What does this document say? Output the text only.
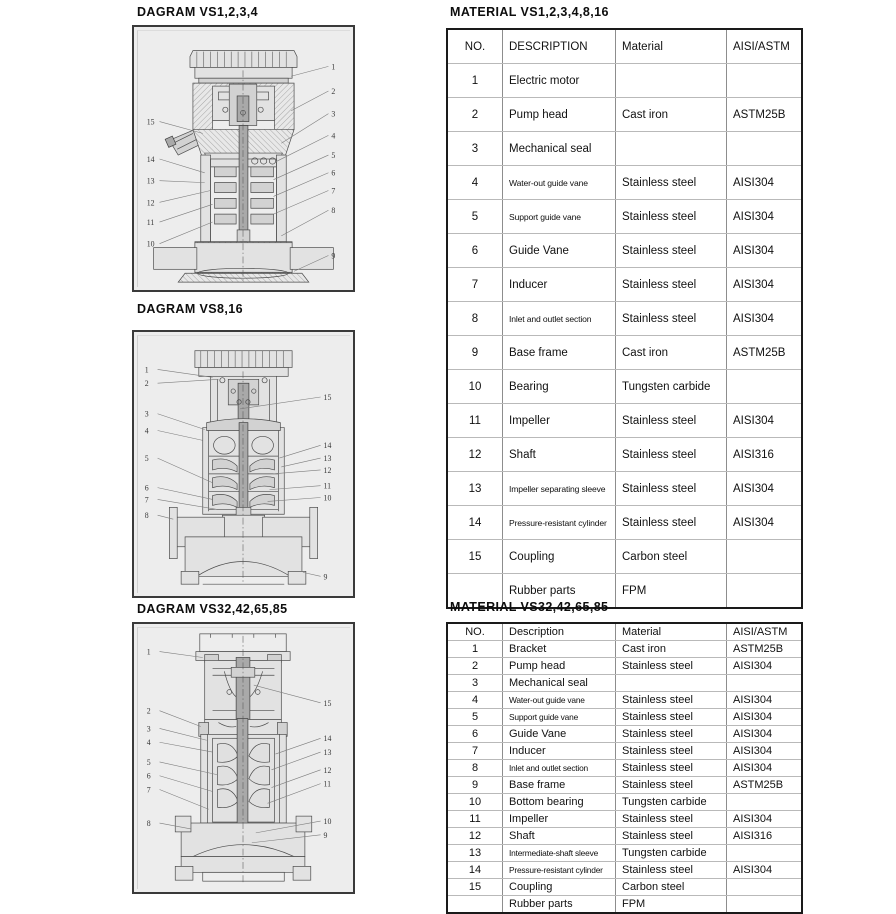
DAGRAM VS1,2,3,4
1
2
3
4
5
6
7
8
9
15
14
13
12
11
10
DAGRAM VS8,16
1
2
3
4
5
6
7
8
15
14
13
12
11
10
9
DAGRAM VS32,42,65,85
1
2
3
4
5
6
7
8
15
14
13
12
11
10
9
MATERIAL VS1,2,3,4,8,16
NO.	DESCRIPTION	Material	AISI/ASTM
1	Electric motor		
2	Pump head	Cast iron	ASTM25B
3	Mechanical seal		
4	Water-out guide vane	Stainless steel	AISI304
5	Support guide vane	Stainless steel	AISI304
6	Guide Vane	Stainless steel	AISI304
7	Inducer	Stainless steel	AISI304
8	Inlet and outlet section	Stainless steel	AISI304
9	Base frame	Cast iron	ASTM25B
10	Bearing	Tungsten carbide	
11	Impeller	Stainless steel	AISI304
12	Shaft	Stainless steel	AISI316
13	Impeller separating sleeve	Stainless steel	AISI304
14	Pressure-resistant cylinder	Stainless steel	AISI304
15	Coupling	Carbon steel	
	Rubber parts	FPM	
MATERIAL VS32,42,65,85
NO.	Description	Material	AISI/ASTM
1	Bracket	Cast iron	ASTM25B
2	Pump head	Stainless steel	AISI304
3	Mechanical seal		
4	Water-out guide vane	Stainless steel	AISI304
5	Support guide vane	Stainless steel	AISI304
6	Guide Vane	Stainless steel	AISI304
7	Inducer	Stainless steel	AISI304
8	Inlet and outlet section	Stainless steel	AISI304
9	Base frame	Stainless steel	ASTM25B
10	Bottom bearing	Tungsten carbide	
11	Impeller	Stainless steel	AISI304
12	Shaft	Stainless steel	AISI316
13	Intermediate-shaft sleeve	Tungsten carbide	
14	Pressure-resistant cylinder	Stainless steel	AISI304
15	Coupling	Carbon steel	
	Rubber parts	FPM	
